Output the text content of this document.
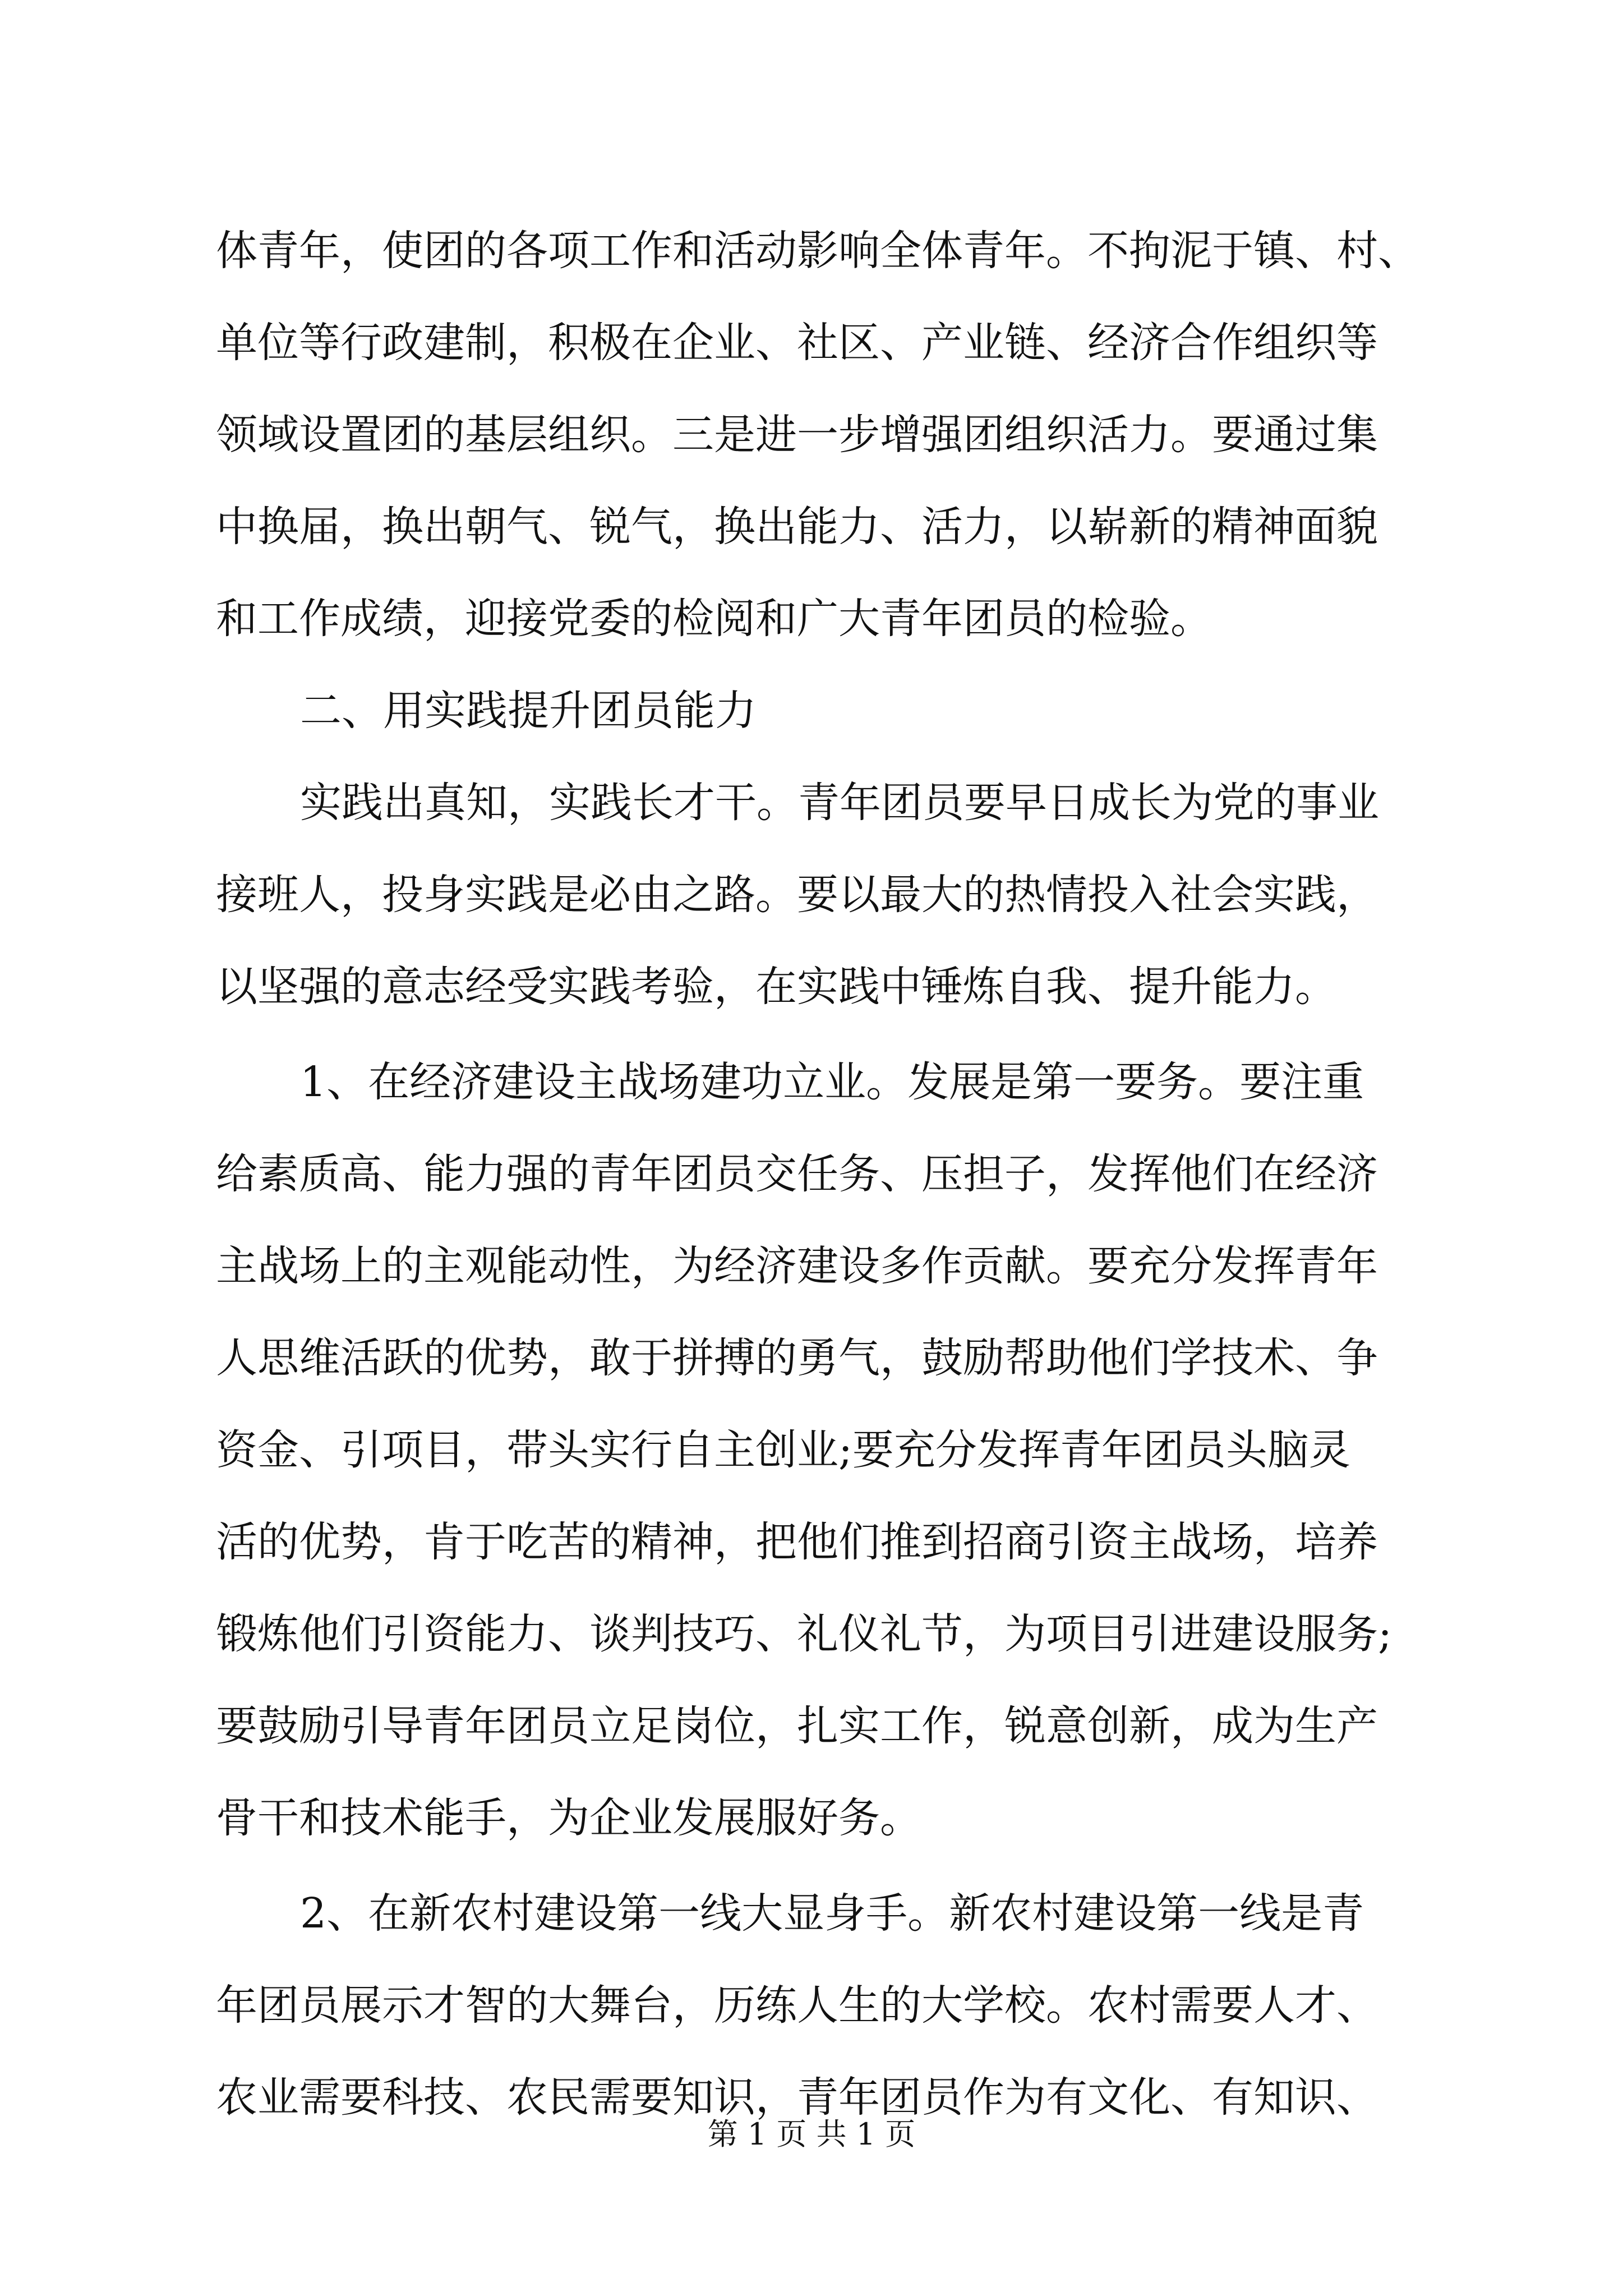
体青年，使团的各项工作和活动影响全体青年。不拘泥于镇、村、
单位等行政建制，积极在企业、社区、产业链、经济合作组织等
领域设置团的基层组织。三是进一步增强团组织活力。要通过集
中换届，换出朝气、锐气，换出能力、活力，以崭新的精神面貌
和工作成绩，迎接党委的检阅和广大青年团员的检验。
二、用实践提升团员能力
实践出真知，实践长才干。青年团员要早日成长为党的事业
接班人，投身实践是必由之路。要以最大的热情投入社会实践，
以坚强的意志经受实践考验，在实践中锤炼自我、提升能力。
1、在经济建设主战场建功立业。发展是第一要务。要注重
给素质高、能力强的青年团员交任务、压担子，发挥他们在经济
主战场上的主观能动性，为经济建设多作贡献。要充分发挥青年
人思维活跃的优势，敢于拼搏的勇气，鼓励帮助他们学技术、争
资金、引项目，带头实行自主创业;要充分发挥青年团员头脑灵
活的优势，肯于吃苦的精神，把他们推到招商引资主战场，培养
锻炼他们引资能力、谈判技巧、礼仪礼节，为项目引进建设服务;
要鼓励引导青年团员立足岗位，扎实工作，锐意创新，成为生产
骨干和技术能手，为企业发展服好务。
2、在新农村建设第一线大显身手。新农村建设第一线是青
年团员展示才智的大舞台，历练人生的大学校。农村需要人才、
农业需要科技、农民需要知识，青年团员作为有文化、有知识、
第 1 页 共 1 页
